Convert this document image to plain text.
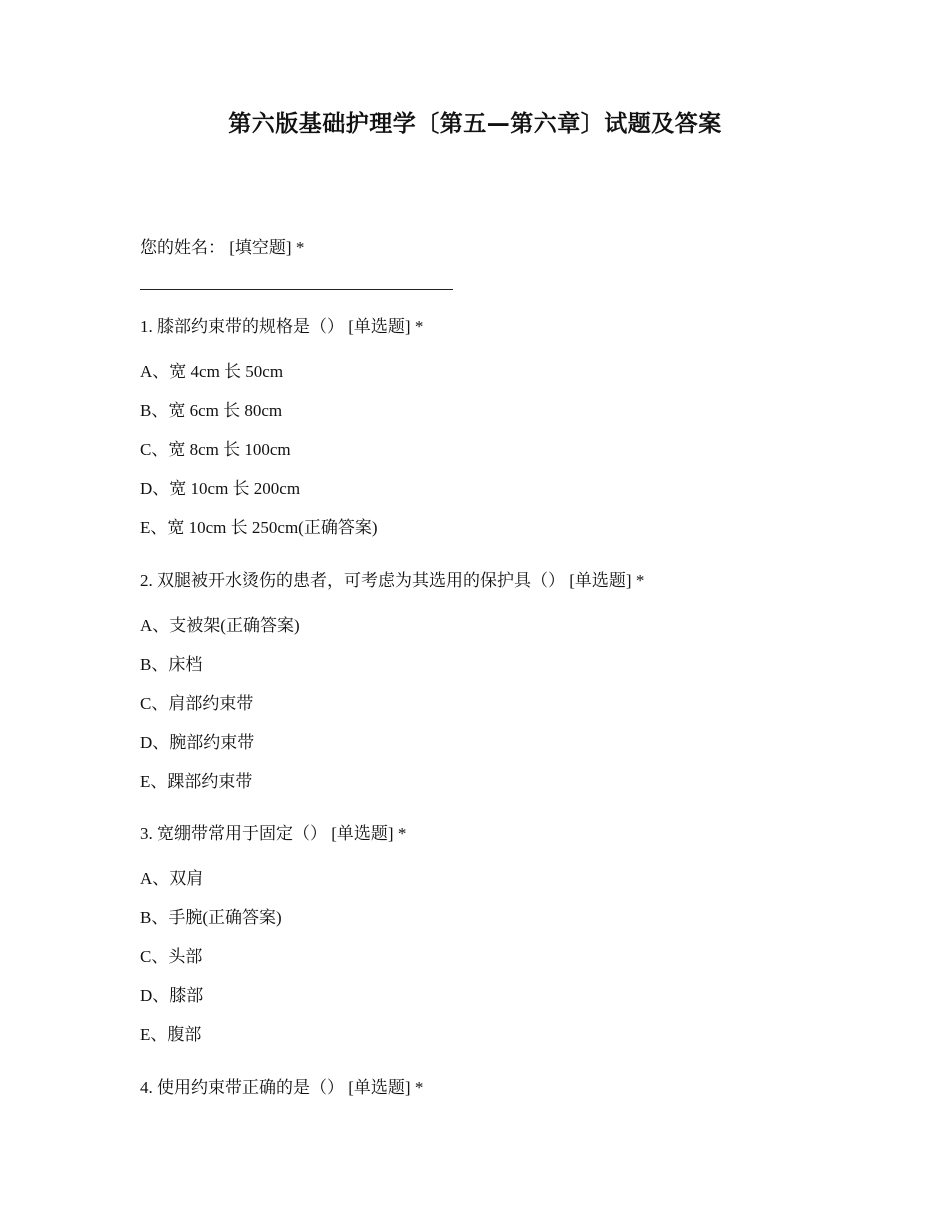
第六版基础护理学〔第五—第六章〕试题及答案
您的姓名： [填空题] *
1. 膝部约束带的规格是（） [单选题] *
A、宽 4cm 长 50cm
B、宽 6cm 长 80cm
C、宽 8cm 长 100cm
D、宽 10cm 长 200cm
E、宽 10cm 长 250cm(正确答案)
2. 双腿被开水烫伤的患者，可考虑为其选用的保护具（） [单选题] *
A、支被架(正确答案)
B、床档
C、肩部约束带
D、腕部约束带
E、踝部约束带
3. 宽绷带常用于固定（） [单选题] *
A、双肩
B、手腕(正确答案)
C、头部
D、膝部
E、腹部
4. 使用约束带正确的是（） [单选题] *
